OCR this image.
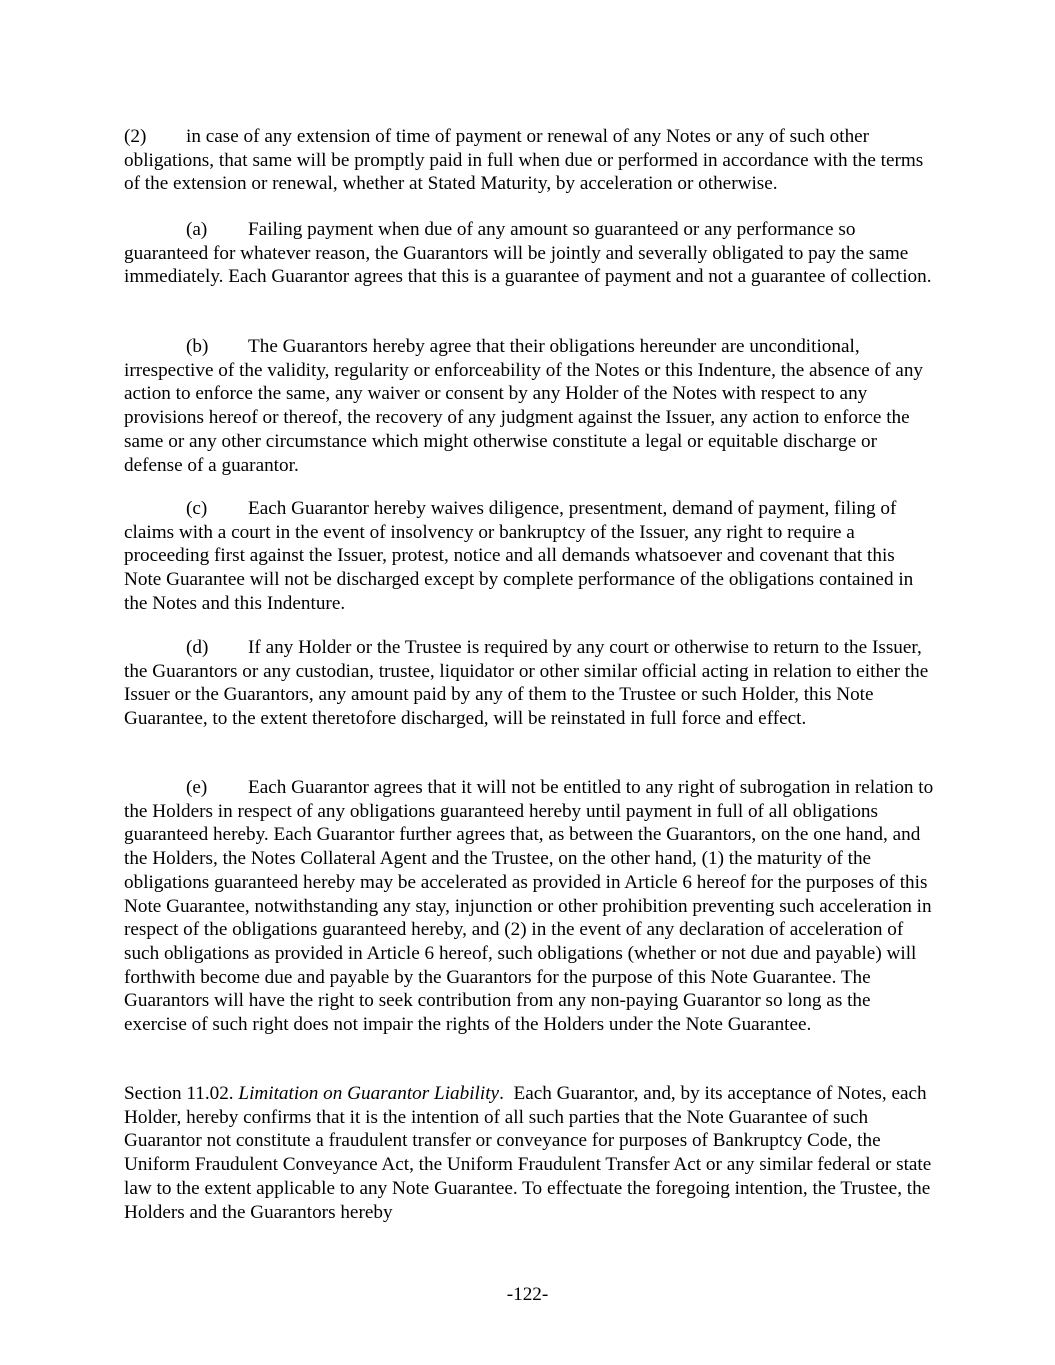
(2) in case of any extension of time of payment or renewal of any Notes or any of such other obligations, that same will be promptly paid in full when due or performed in accordance with the terms of the extension or renewal, whether at Stated Maturity, by acceleration or otherwise.

(a) Failing payment when due of any amount so guaranteed or any performance so guaranteed for whatever reason, the Guarantors will be jointly and severally obligated to pay the same immediately. Each Guarantor agrees that this is a guarantee of payment and not a guarantee of collection.

(b) The Guarantors hereby agree that their obligations hereunder are unconditional, irrespective of the validity, regularity or enforceability of the Notes or this Indenture, the absence of any action to enforce the same, any waiver or consent by any Holder of the Notes with respect to any provisions hereof or thereof, the recovery of any judgment against the Issuer, any action to enforce the same or any other circumstance which might otherwise constitute a legal or equitable discharge or defense of a guarantor.

(c) Each Guarantor hereby waives diligence, presentment, demand of payment, filing of claims with a court in the event of insolvency or bankruptcy of the Issuer, any right to require a proceeding first against the Issuer, protest, notice and all demands whatsoever and covenant that this Note Guarantee will not be discharged except by complete performance of the obligations contained in the Notes and this Indenture.

(d) If any Holder or the Trustee is required by any court or otherwise to return to the Issuer, the Guarantors or any custodian, trustee, liquidator or other similar official acting in relation to either the Issuer or the Guarantors, any amount paid by any of them to the Trustee or such Holder, this Note Guarantee, to the extent theretofore discharged, will be reinstated in full force and effect.

(e) Each Guarantor agrees that it will not be entitled to any right of subrogation in relation to the Holders in respect of any obligations guaranteed hereby until payment in full of all obligations guaranteed hereby. Each Guarantor further agrees that, as between the Guarantors, on the one hand, and the Holders, the Notes Collateral Agent and the Trustee, on the other hand, (1) the maturity of the obligations guaranteed hereby may be accelerated as provided in Article 6 hereof for the purposes of this Note Guarantee, notwithstanding any stay, injunction or other prohibition preventing such acceleration in respect of the obligations guaranteed hereby, and (2) in the event of any declaration of acceleration of such obligations as provided in Article 6 hereof, such obligations (whether or not due and payable) will forthwith become due and payable by the Guarantors for the purpose of this Note Guarantee. The Guarantors will have the right to seek contribution from any non-paying Guarantor so long as the exercise of such right does not impair the rights of the Holders under the Note Guarantee.

Section 11.02. Limitation on Guarantor Liability. Each Guarantor, and, by its acceptance of Notes, each Holder, hereby confirms that it is the intention of all such parties that the Note Guarantee of such Guarantor not constitute a fraudulent transfer or conveyance for purposes of Bankruptcy Code, the Uniform Fraudulent Conveyance Act, the Uniform Fraudulent Transfer Act or any similar federal or state law to the extent applicable to any Note Guarantee. To effectuate the foregoing intention, the Trustee, the Holders and the Guarantors hereby

-122-
